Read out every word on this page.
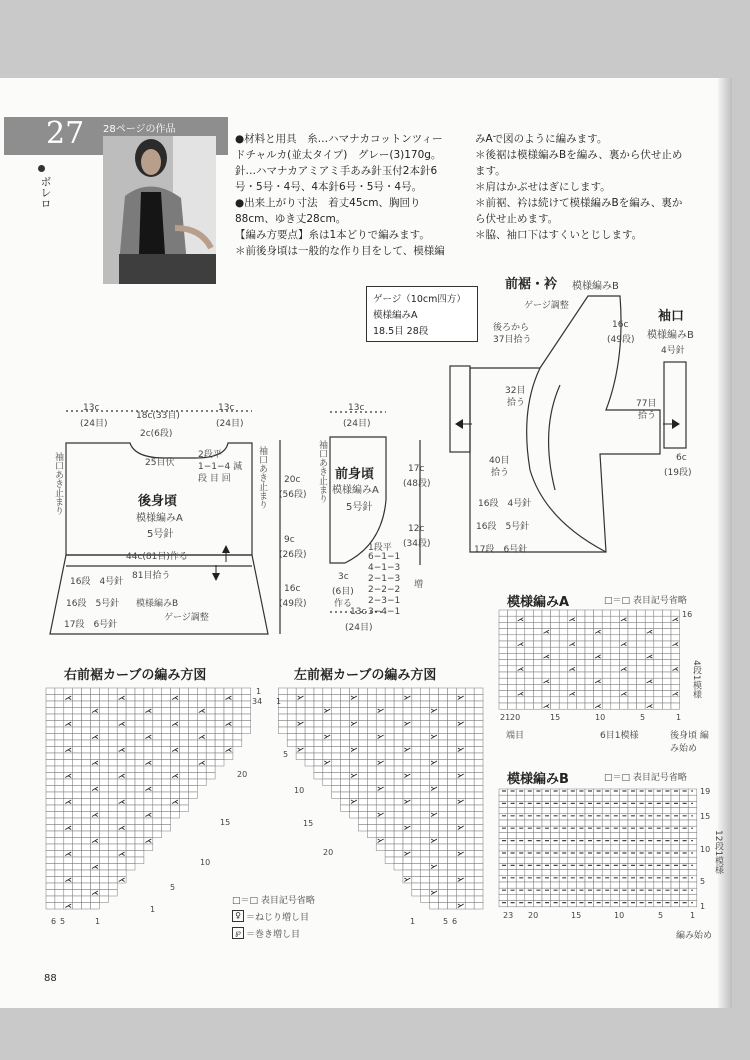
27 28ページの作品
ボレロ
●材料と用具　糸…ハマナカコットンツィー
ドチャルカ(並太タイプ)　グレー(3)170g。
針…ハマナカアミアミ手あみ針玉付2本針6
号・5号・4号、4本針6号・5号・4号。
●出来上がり寸法　着丈45cm、胸回り
88cm、ゆき丈28cm。
【編み方要点】糸は1本どりで編みます。
＊前後身頃は一般的な作り目をして、模様編
みAで図のように編みます。
＊後裾は模様編みBを編み、裏から伏せ止め
ます。
＊肩はかぶせはぎにします。
＊前裾、衿は続けて模様編みBを編み、裏か
ら伏せ止めます。
＊脇、袖口下はすくいとじします。
ゲージ（10cm四方）
模様編みA
18.5目 28段
13c
(24目)
18c(33目)
13c
(24目)
2c(6段)
25目伏
2段平
1−1−4 減
段 目 回
袖口あき止まり	袖口あき止まり
後身頃
模様編みA
5号針
20c
(56段)
9c
(26段)
16c
(49段)
44c(81目)作る
81目拾う
16段　4号針
16段　5号針 模様編みB
17段　6号針
ゲージ調整
13c
(24目)
袖口あき止まり 前身頃
模様編みA
5号針
17c
(48段)
12c
(34段)
1段平
6−1−1
4−1−3
2−1−3
2−2−2
2−3−1
3−4−1
増
3c
(6目)
作る
13c
(24目)
前裾・衿 模様編みB
ゲージ調整
後ろから
37目拾う
16c
(49段)
32目
拾う
40目
拾う
16段　4号針
16段　5号針
17段　6号針
袖口
模様編みB
4号針
77目
拾う
6c
(19段)
模様編みA	□＝□ 表目記号省略
16
4段1模様
6目1模様
端目	後身頃 編み始め
21 20	15	10	5	1
模様編みB	□＝□ 表目記号省略
19
15
10
5
1
12段1模様
編み始め
23 20	15	10	5	1
右前裾カーブの編み方図
34
1
20
15
10
5
1
6 5	1
左前裾カーブの編み方図
1
5
10
15
20
1	5 6
□＝□ 表目記号省略
♀ ＝ねじり増し目
℘ ＝巻き増し目
88
